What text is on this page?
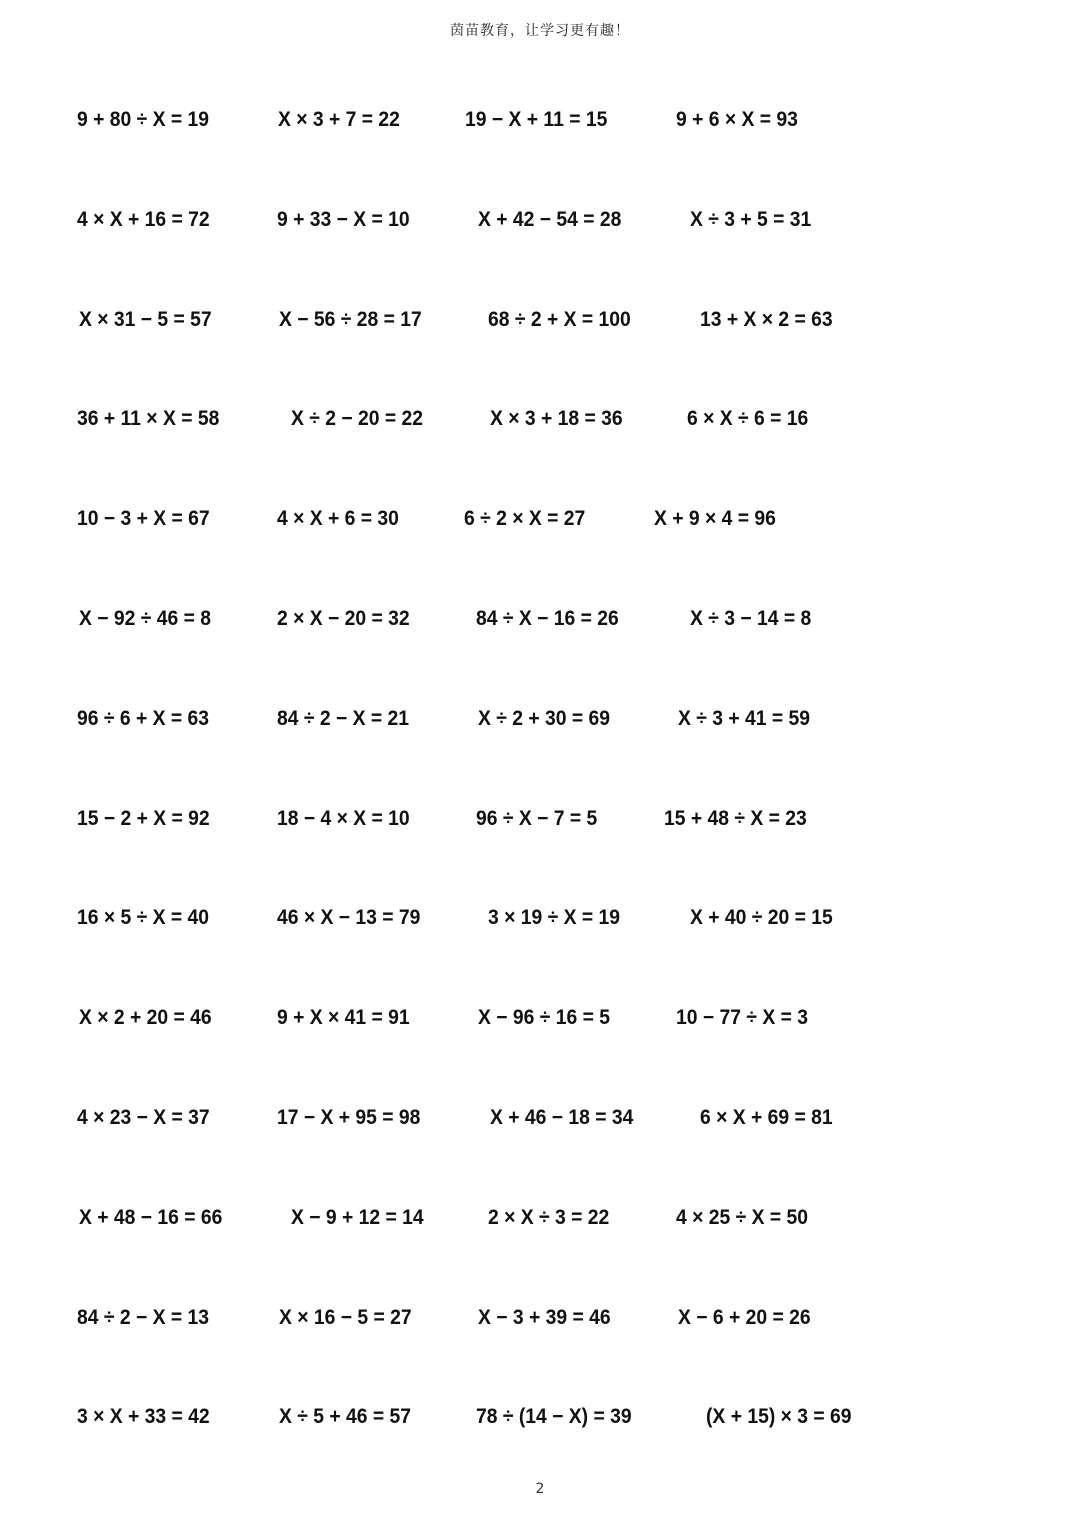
茵苗教育，让学习更有趣！
9 + 80 ÷ X = 19	X × 3 + 7 = 22	19 − X + 11 = 15	9 + 6 × X = 93
4 × X + 16 = 72	9 + 33 − X = 10	X + 42 − 54 = 28	X ÷ 3 + 5 = 31
X × 31 − 5 = 57	X − 56 ÷ 28 = 17	68 ÷ 2 + X = 100	13 + X × 2 = 63
36 + 11 × X = 58	X ÷ 2 − 20 = 22	X × 3 + 18 = 36	6 × X ÷ 6 = 16
10 − 3 + X = 67	4 × X + 6 = 30	6 ÷ 2 × X = 27	X + 9 × 4 = 96
X − 92 ÷ 46 = 8	2 × X − 20 = 32	84 ÷ X − 16 = 26	X ÷ 3 − 14 = 8
96 ÷ 6 + X = 63	84 ÷ 2 − X = 21	X ÷ 2 + 30 = 69	X ÷ 3 + 41 = 59
15 − 2 + X = 92	18 − 4 × X = 10	96 ÷ X − 7 = 5	15 + 48 ÷ X = 23
16 × 5 ÷ X = 40	46 × X − 13 = 79	3 × 19 ÷ X = 19	X + 40 ÷ 20 = 15
X × 2 + 20 = 46	9 + X × 41 = 91	X − 96 ÷ 16 = 5	10 − 77 ÷ X = 3
4 × 23 − X = 37	17 − X + 95 = 98	X + 46 − 18 = 34	6 × X + 69 = 81
X + 48 − 16 = 66	X − 9 + 12 = 14	2 × X ÷ 3 = 22	4 × 25 ÷ X = 50
84 ÷ 2 − X = 13	X × 16 − 5 = 27	X − 3 + 39 = 46	X − 6 + 20 = 26
3 × X + 33 = 42	X ÷ 5 + 46 = 57	78 ÷ (14 − X) = 39	(X + 15) × 3 = 69
2
